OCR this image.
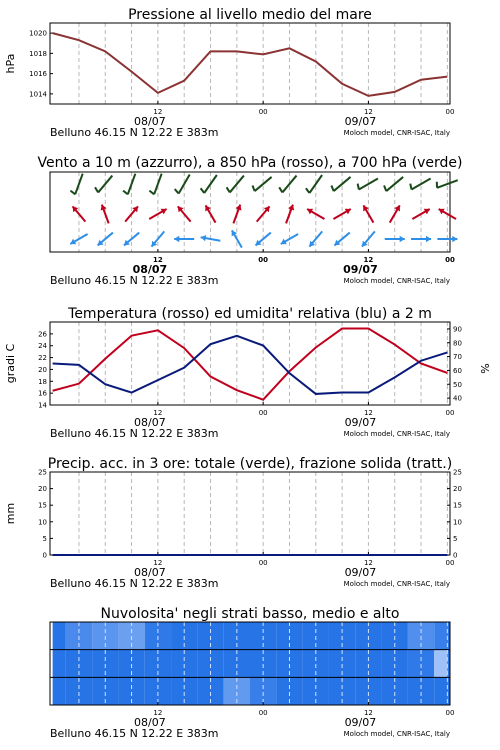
Pressione al livello medio del mare
12	00	12	00
08/07	09/07
Belluno 46.15 N 12.22 E 383m	Moloch model, CNR-ISAC, Italy
1014
1016
1018
1020
hPa
Vento a 10 m (azzurro), a 850 hPa (rosso), a 700 hPa (verde)
12	00	12	00
08/07	09/07
Belluno 46.15 N 12.22 E 383m	Moloch model, CNR-ISAC, Italy
Temperatura (rosso) ed umidita' relativa (blu) a 2 m
12	00	12	00
08/07	09/07
Belluno 46.15 N 12.22 E 383m	Moloch model, CNR-ISAC, Italy
14
16
18
20
22
24
26
gradi C
40
50
60
70
80
90
%
Precip. acc. in 3 ore: totale (verde), frazione solida (tratt.)
12	00	12	00
08/07	09/07
Belluno 46.15 N 12.22 E 383m	Moloch model, CNR-ISAC, Italy
0	0
5	5
10	10
15	15
20	20
25	25
mm
Nuvolosita' negli strati basso, medio e alto
12	00	12	00
08/07	09/07
Belluno 46.15 N 12.22 E 383m	Moloch model, CNR-ISAC, Italy
